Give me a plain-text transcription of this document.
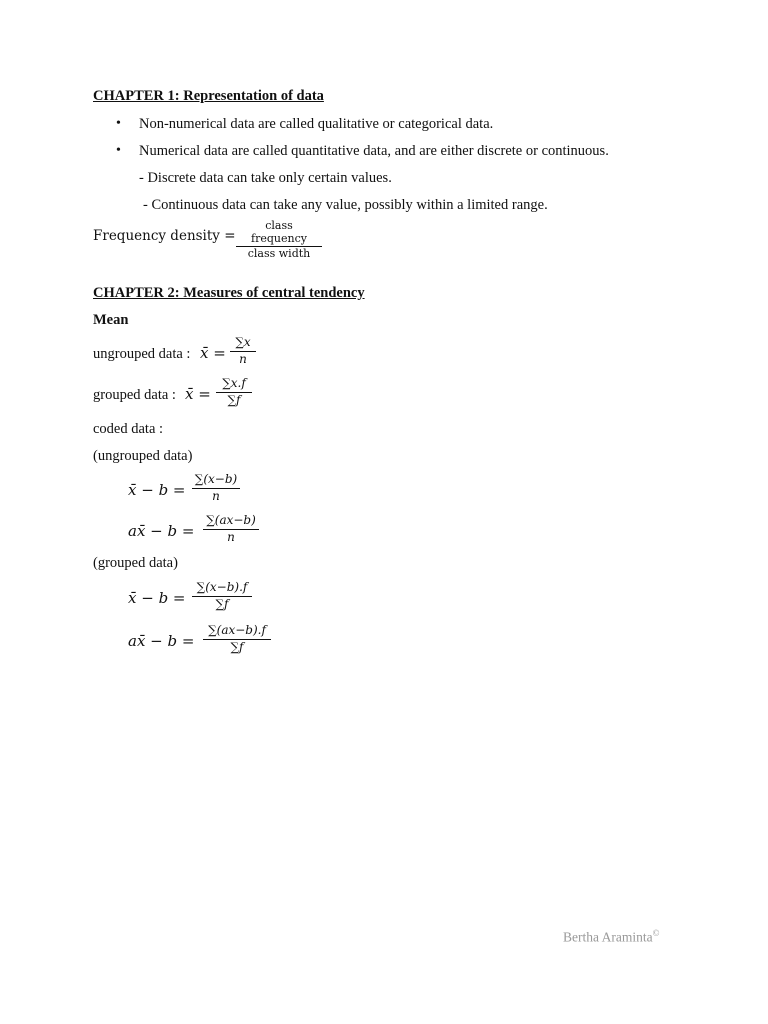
CHAPTER 1: Representation of data
• Non-numerical data are called qualitative or categorical data.
• Numerical data are called quantitative data, and are either discrete or continuous.
- Discrete data can take only certain values.
- Continuous data can take any value, possibly within a limited range.
Frequency density =
class frequency
class width
CHAPTER 2: Measures of central tendency
Mean
ungrouped data : x̄ =
∑x
n
grouped data : x̄ =
∑x.f
∑f
coded data :
(ungrouped data)
x̄ − b =
∑(x−b)
n
ax̄ − b =
∑(ax−b)
n
(grouped data)
x̄ − b =
∑(x−b).f
∑f
ax̄ − b =
∑(ax−b).f
∑f
Bertha Araminta©
